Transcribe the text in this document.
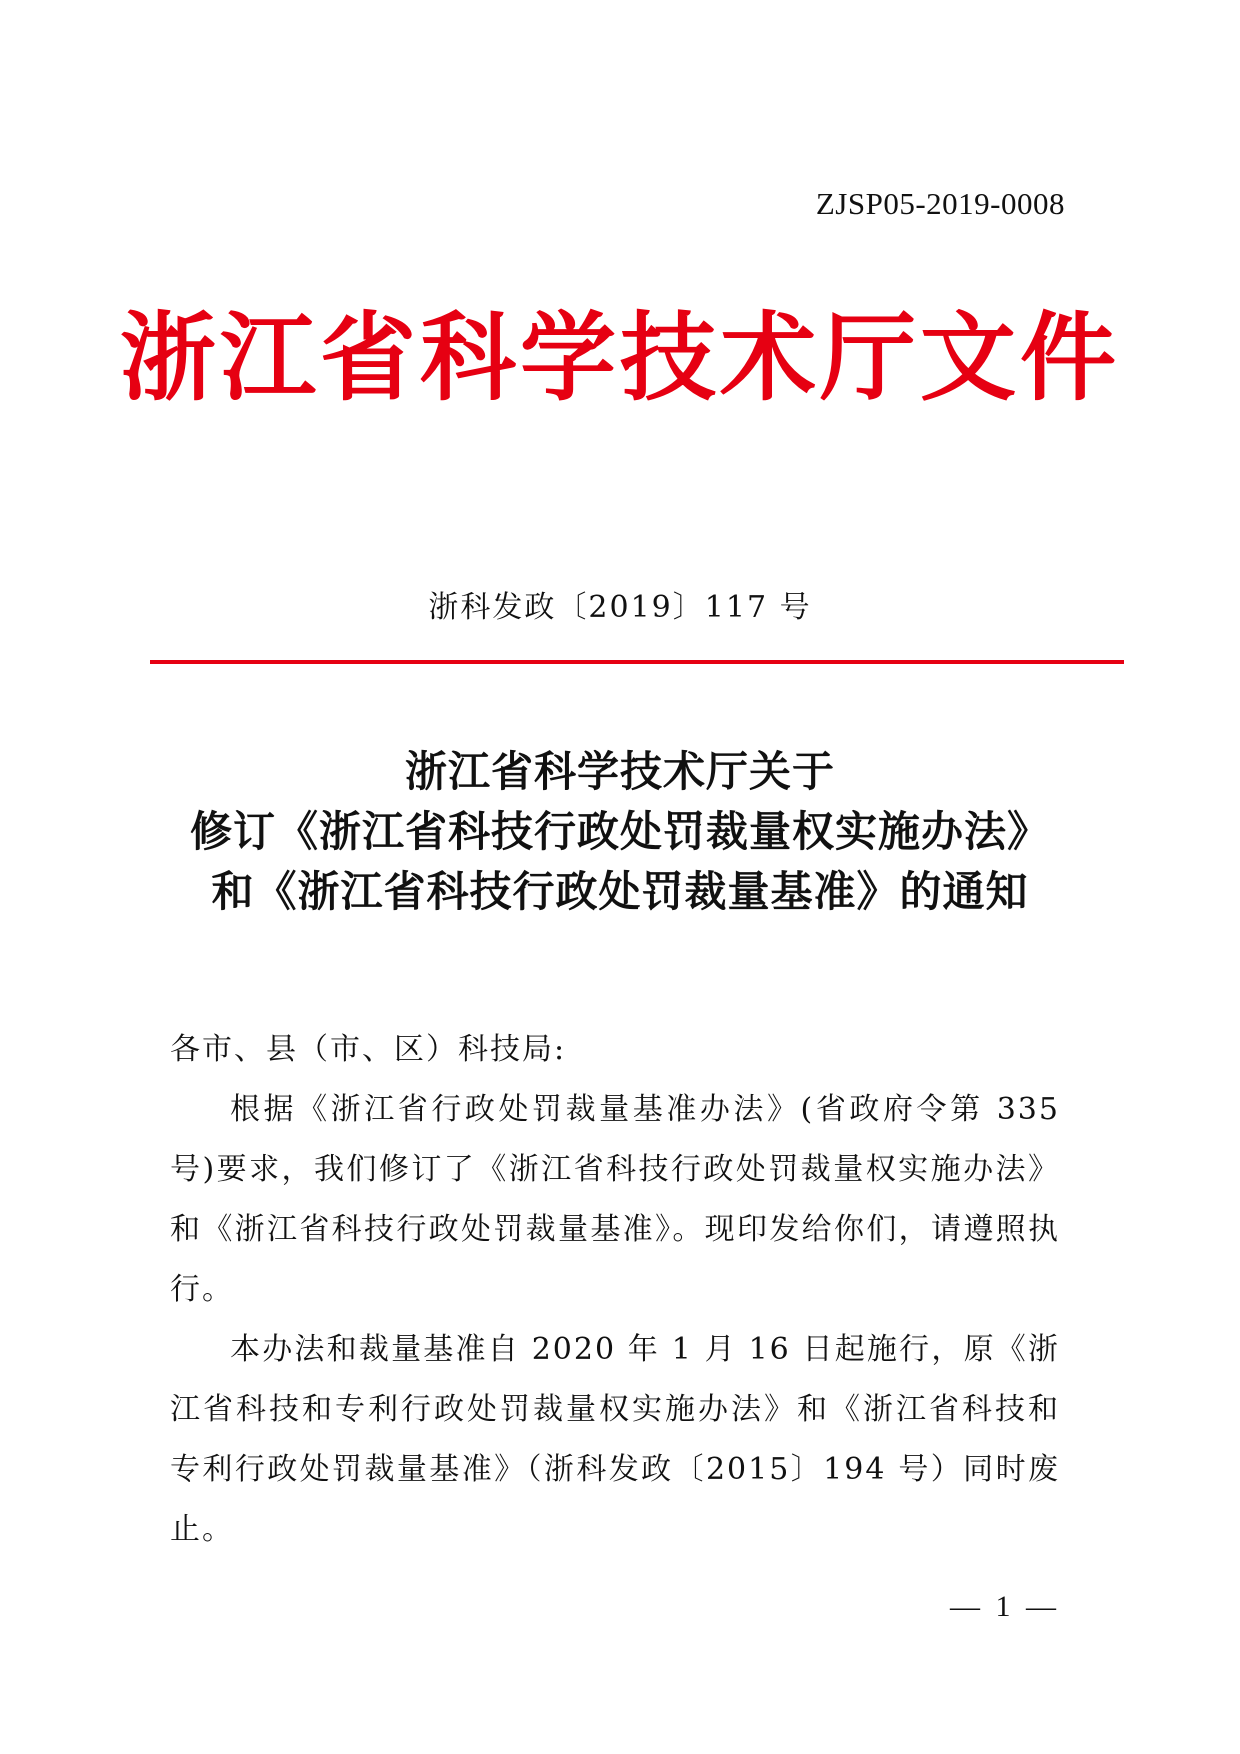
ZJSP05-2019-0008
浙江省科学技术厅文件
浙科发政〔2019〕117 号
浙江省科学技术厅关于
修订《浙江省科技行政处罚裁量权实施办法》
和《浙江省科技行政处罚裁量基准》的通知

各市、县（市、区）科技局:

根据《浙江省行政处罚裁量基准办法》(省政府令第 335 号)要求，我们修订了《浙江省科技行政处罚裁量权实施办法》和《浙江省科技行政处罚裁量基准》。现印发给你们，请遵照执行。

本办法和裁量基准自 2020 年 1 月 16 日起施行，原《浙江省科技和专利行政处罚裁量权实施办法》和《浙江省科技和专利行政处罚裁量基准》（浙科发政〔2015〕194 号）同时废止。

— 1 —
